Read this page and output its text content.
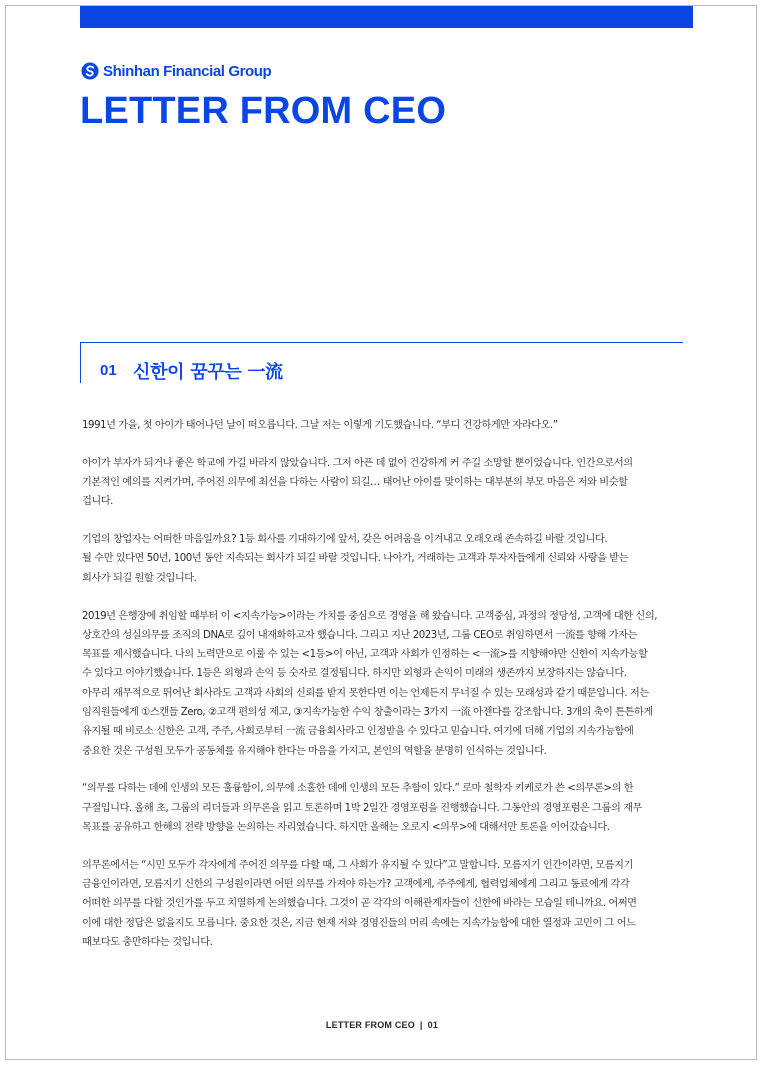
Shinhan Financial Group
LETTER FROM CEO
01 신한이 꿈꾸는 一流

1991년 가을, 첫 아이가 태어나던 날이 떠오릅니다. 그날 저는 이렇게 기도했습니다. “부디 건강하게만 자라다오.”

아이가 부자가 되거나 좋은 학교에 가길 바라지 않았습니다. 그저 아픈 데 없이 건강하게 커 주길 소망할 뿐이었습니다. 인간으로서의
기본적인 예의를 지켜가며, 주어진 의무에 최선을 다하는 사람이 되길… 태어난 아이를 맞이하는 대부분의 부모 마음은 저와 비슷할
겁니다.

기업의 창업자는 어떠한 마음일까요? 1등 회사를 기대하기에 앞서, 갖은 어려움을 이겨내고 오래오래 존속하길 바랄 것입니다.
될 수만 있다면 50년, 100년 동안 지속되는 회사가 되길 바랄 것입니다. 나아가, 거래하는 고객과 투자자들에게 신뢰와 사랑을 받는
회사가 되길 원할 것입니다.

2019년 은행장에 취임할 때부터 이 <지속가능>이라는 가치를 중심으로 경영을 해 왔습니다. 고객중심, 과정의 정당성, 고객에 대한 신의,
상호간의 성실의무를 조직의 DNA로 깊이 내재화하고자 했습니다. 그리고 지난 2023년, 그룹 CEO로 취임하면서 一流를 향해 가자는
목표를 제시했습니다. 나의 노력만으로 이룰 수 있는 <1등>이 아닌, 고객과 사회가 인정하는 <一流>를 지향해야만 신한이 지속가능할
수 있다고 이야기했습니다. 1등은 외형과 손익 등 숫자로 결정됩니다. 하지만 외형과 손익이 미래의 생존까지 보장하지는 않습니다.
아무리 재무적으로 뛰어난 회사라도 고객과 사회의 신뢰를 받지 못한다면 이는 언제든지 무너질 수 있는 모래성과 같기 때문입니다. 저는
임직원들에게 ①스캔들 Zero, ②고객 편의성 제고, ③지속가능한 수익 창출이라는 3가지 一流 아젠다를 강조합니다. 3개의 축이 튼튼하게
유지될 때 비로소 신한은 고객, 주주, 사회로부터 一流 금융회사라고 인정받을 수 있다고 믿습니다. 여기에 더해 기업의 지속가능함에
중요한 것은 구성원 모두가 공동체를 유지해야 한다는 마음을 가지고, 본인의 역할을 분명히 인식하는 것입니다.

“의무를 다하는 데에 인생의 모든 훌륭함이, 의무에 소홀한 데에 인생의 모든 추함이 있다.” 로마 철학자 키케로가 쓴 <의무론>의 한
구절입니다. 올해 초, 그룹의 리더들과 의무론을 읽고 토론하며 1박 2일간 경영포럼을 진행했습니다. 그동안의 경영포럼은 그룹의 재무
목표를 공유하고 한해의 전략 방향을 논의하는 자리였습니다. 하지만 올해는 오로지 <의무>에 대해서만 토론을 이어갔습니다.

의무론에서는 “시민 모두가 각자에게 주어진 의무를 다할 때, 그 사회가 유지될 수 있다”고 말합니다. 모름지기 인간이라면, 모름지기
금융인이라면, 모름지기 신한의 구성원이라면 어떤 의무를 가져야 하는가? 고객에게, 주주에게, 협력업체에게 그리고 동료에게 각각
어떠한 의무를 다할 것인가를 두고 치열하게 논의했습니다. 그것이 곧 각각의 이해관계자들이 신한에 바라는 모습일 테니까요. 어쩌면
이에 대한 정답은 없을지도 모릅니다. 중요한 것은, 지금 현재 저와 경영진들의 머리 속에는 지속가능함에 대한 열정과 고민이 그 어느
때보다도 충만하다는 것입니다.

LETTER FROM CEO | 01
